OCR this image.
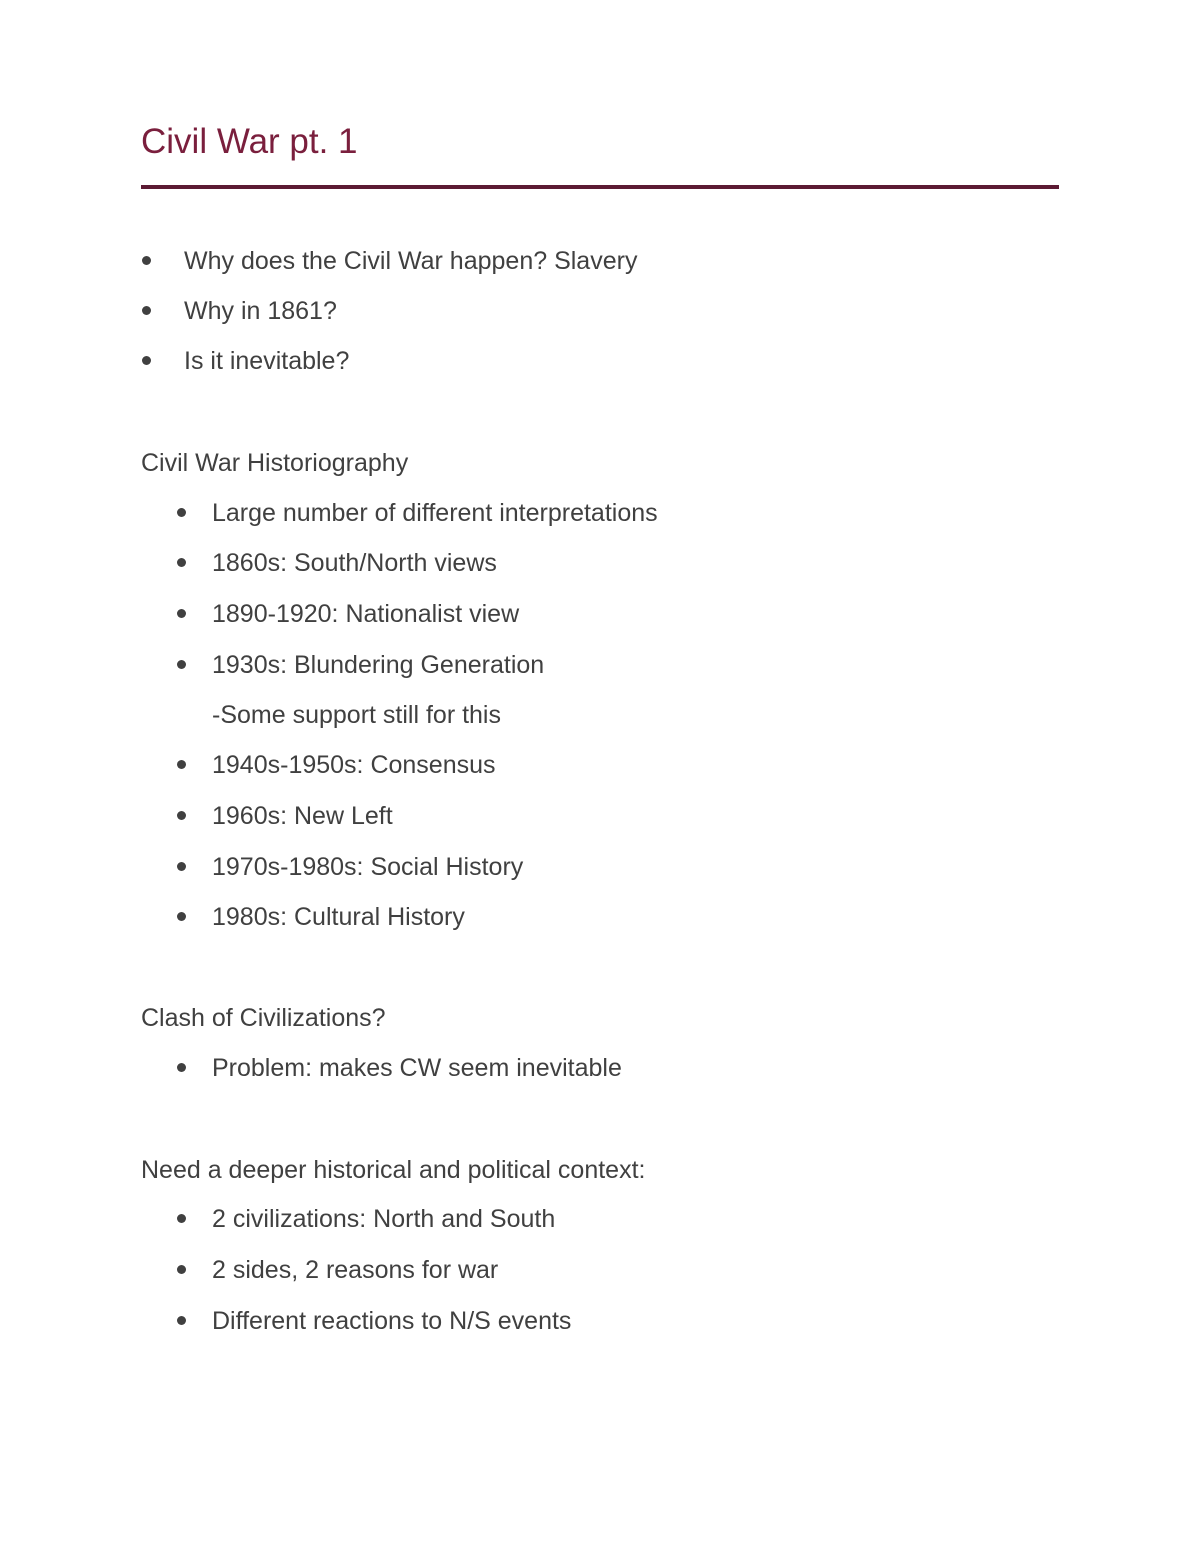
Civil War pt. 1
Why does the Civil War happen? Slavery
Why in 1861?
Is it inevitable?
Civil War Historiography
Large number of different interpretations
1860s: South/North views
1890-1920: Nationalist view
1930s: Blundering Generation
-Some support still for this
1940s-1950s: Consensus
1960s: New Left
1970s-1980s: Social History
1980s: Cultural History
Clash of Civilizations?
Problem: makes CW seem inevitable
Need a deeper historical and political context:
2 civilizations: North and South
2 sides, 2 reasons for war
Different reactions to N/S events
